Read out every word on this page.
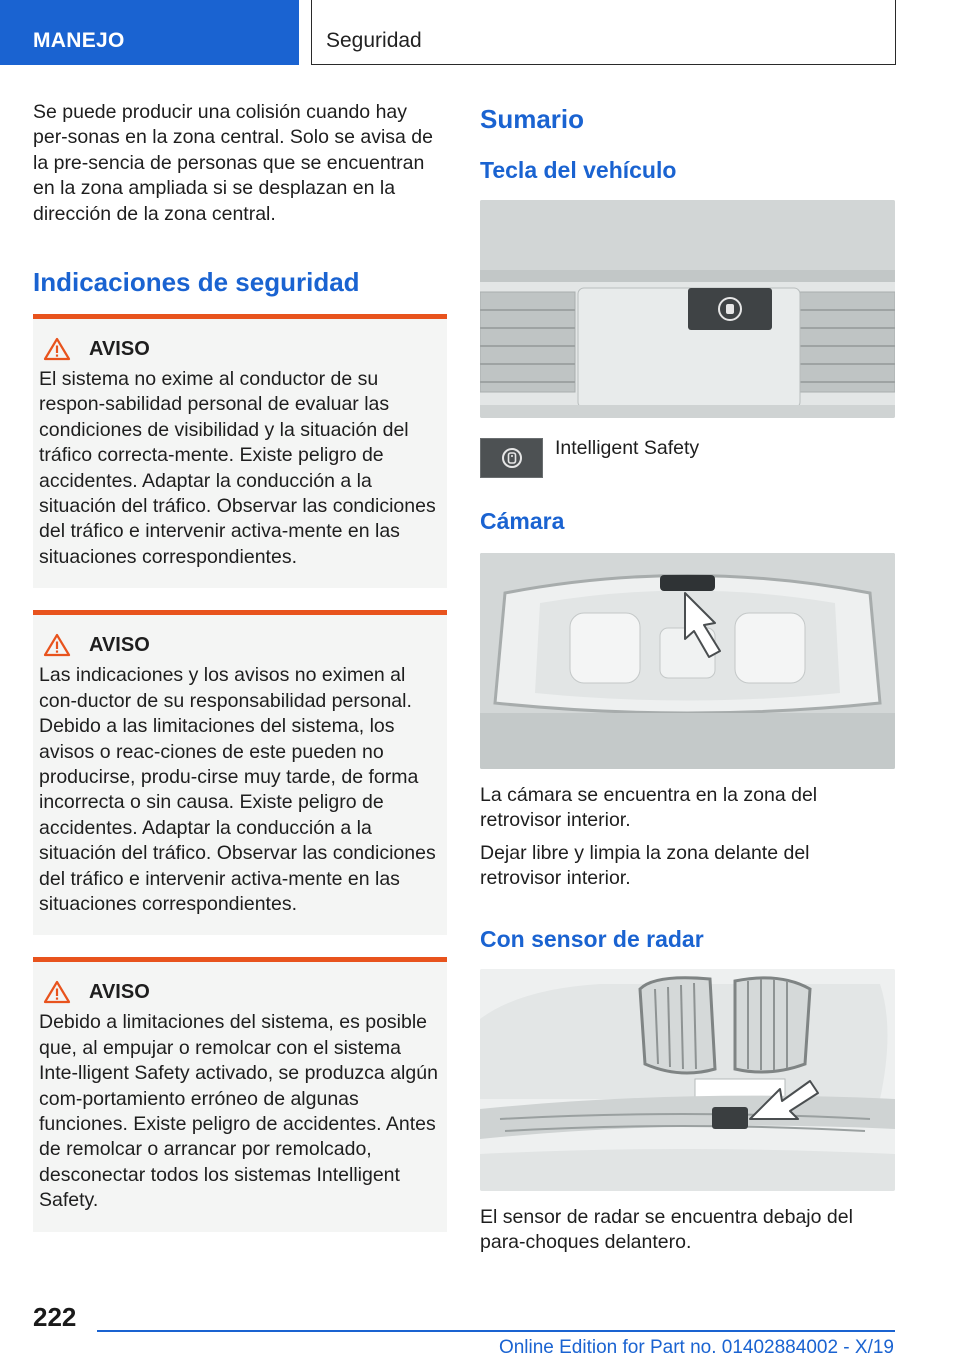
MANEJO	Seguridad

Se puede producir una colisión cuando hay per-sonas en la zona central. Solo se avisa de la pre-sencia de personas que se encuentran en la zona ampliada si se desplazan en la dirección de la zona central.

Indicaciones de seguridad
AVISO

El sistema no exime al conductor de su respon-sabilidad personal de evaluar las condiciones de visibilidad y la situación del tráfico correcta-mente. Existe peligro de accidentes. Adaptar la conducción a la situación del tráfico. Observar las condiciones del tráfico e intervenir activa-mente en las situaciones correspondientes.

AVISO

Las indicaciones y los avisos no eximen al con-ductor de su responsabilidad personal. Debido a las limitaciones del sistema, los avisos o reac-ciones de este pueden no producirse, produ-cirse muy tarde, de forma incorrecta o sin causa. Existe peligro de accidentes. Adaptar la conducción a la situación del tráfico. Observar las condiciones del tráfico e intervenir activa-mente en las situaciones correspondientes.

AVISO

Debido a limitaciones del sistema, es posible que, al empujar o remolcar con el sistema Inte-lligent Safety activado, se produzca algún com-portamiento erróneo de algunas funciones. Existe peligro de accidentes. Antes de remolcar o arrancar por remolcado, desconectar todos los sistemas Intelligent Safety.

Sumario
Tecla del vehículo

Intelligent Safety

Cámara

La cámara se encuentra en la zona del retrovisor interior.

Dejar libre y limpia la zona delante del retrovisor interior.

Con sensor de radar

El sensor de radar se encuentra debajo del para-choques delantero.

222
Online Edition for Part no. 01402884002 - X/19
